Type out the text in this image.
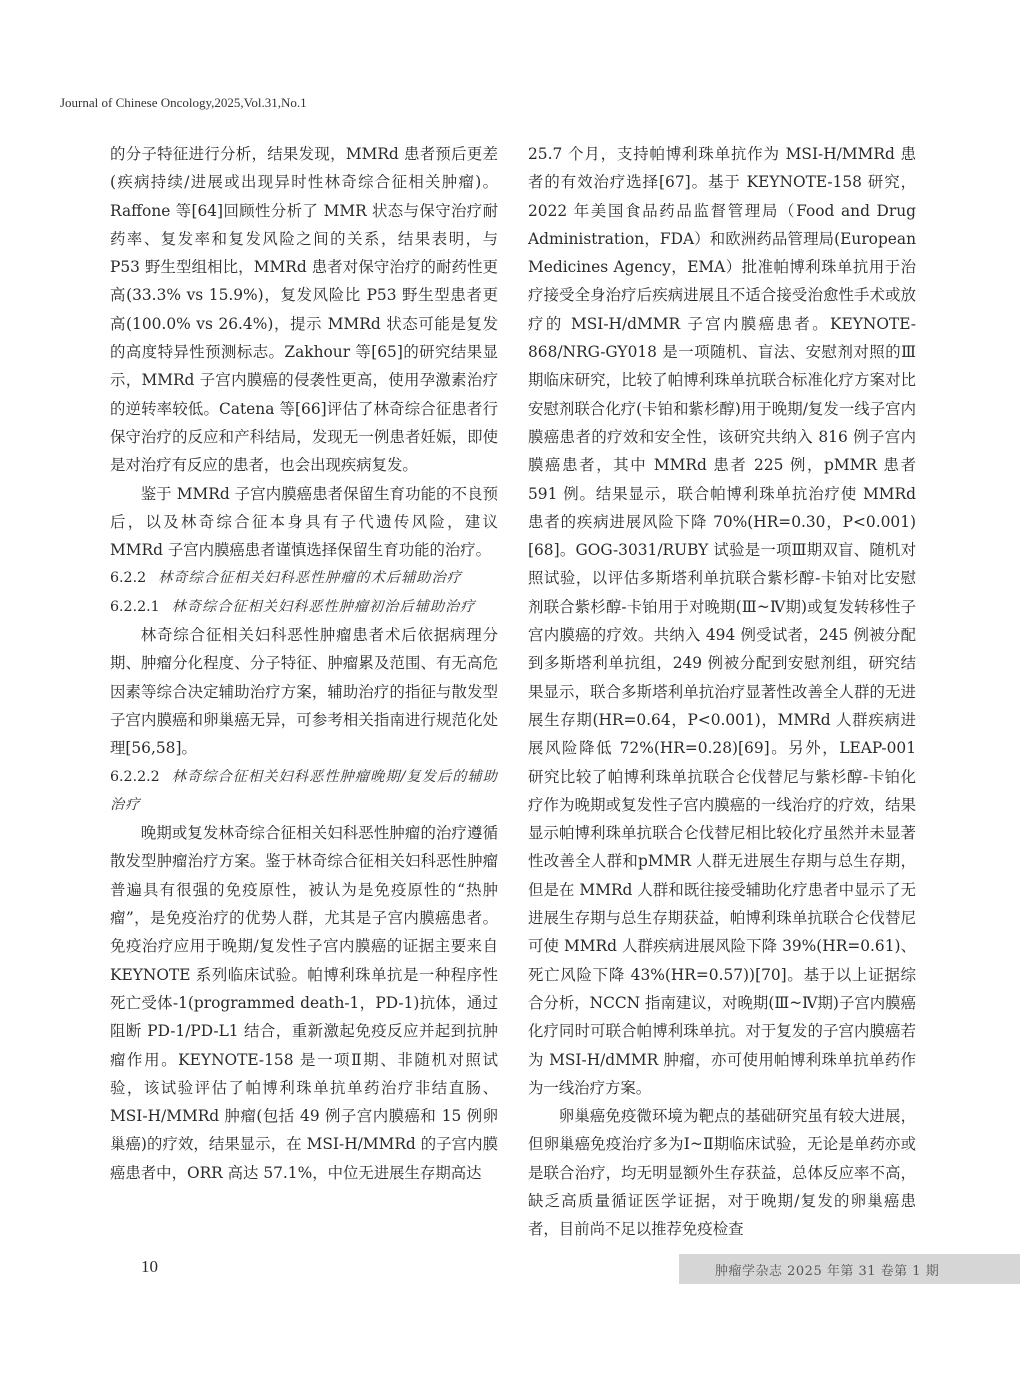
Journal of Chinese Oncology,2025,Vol.31,No.1

的分子特征进行分析，结果发现，MMRd 患者预后更差(疾病持续/进展或出现异时性林奇综合征相关肿瘤)。Raffone 等[64]回顾性分析了 MMR 状态与保守治疗耐药率、复发率和复发风险之间的关系，结果表明，与 P53 野生型组相比，MMRd 患者对保守治疗的耐药性更高(33.3% vs 15.9%)，复发风险比 P53 野生型患者更高(100.0% vs 26.4%)，提示 MMRd 状态可能是复发的高度特异性预测标志。Zakhour 等[65]的研究结果显示，MMRd 子宫内膜癌的侵袭性更高，使用孕激素治疗的逆转率较低。Catena 等[66]评估了林奇综合征患者行保守治疗的反应和产科结局，发现无一例患者妊娠，即使是对治疗有反应的患者，也会出现疾病复发。

鉴于 MMRd 子宫内膜癌患者保留生育功能的不良预后，以及林奇综合征本身具有子代遗传风险，建议 MMRd 子宫内膜癌患者谨慎选择保留生育功能的治疗。

6.2.2 林奇综合征相关妇科恶性肿瘤的术后辅助治疗

6.2.2.1 林奇综合征相关妇科恶性肿瘤初治后辅助治疗

林奇综合征相关妇科恶性肿瘤患者术后依据病理分期、肿瘤分化程度、分子特征、肿瘤累及范围、有无高危因素等综合决定辅助治疗方案，辅助治疗的指征与散发型子宫内膜癌和卵巢癌无异，可参考相关指南进行规范化处理[56,58]。

6.2.2.2 林奇综合征相关妇科恶性肿瘤晚期/复发后的辅助治疗

晚期或复发林奇综合征相关妇科恶性肿瘤的治疗遵循散发型肿瘤治疗方案。鉴于林奇综合征相关妇科恶性肿瘤普遍具有很强的免疫原性，被认为是免疫原性的“热肿瘤”，是免疫治疗的优势人群，尤其是子宫内膜癌患者。免疫治疗应用于晚期/复发性子宫内膜癌的证据主要来自 KEYNOTE 系列临床试验。帕博利珠单抗是一种程序性死亡受体-1(programmed death-1，PD-1)抗体，通过阻断 PD-1/PD-L1 结合，重新激起免疫反应并起到抗肿瘤作用。KEYNOTE-158 是一项Ⅱ期、非随机对照试验，该试验评估了帕博利珠单抗单药治疗非结直肠、MSI-H/MMRd 肿瘤(包括 49 例子宫内膜癌和 15 例卵巢癌)的疗效，结果显示，在 MSI-H/MMRd 的子宫内膜癌患者中，ORR 高达 57.1%，中位无进展生存期高达

25.7 个月，支持帕博利珠单抗作为 MSI-H/MMRd 患者的有效治疗选择[67]。基于 KEYNOTE-158 研究，2022 年美国食品药品监督管理局（Food and Drug Administration，FDA）和欧洲药品管理局(European Medicines Agency，EMA）批准帕博利珠单抗用于治疗接受全身治疗后疾病进展且不适合接受治愈性手术或放疗的 MSI-H/dMMR 子宫内膜癌患者。KEYNOTE-868/NRG-GY018 是一项随机、盲法、安慰剂对照的Ⅲ期临床研究，比较了帕博利珠单抗联合标准化疗方案对比安慰剂联合化疗(卡铂和紫杉醇)用于晚期/复发一线子宫内膜癌患者的疗效和安全性，该研究共纳入 816 例子宫内膜癌患者，其中 MMRd 患者 225 例，pMMR 患者 591 例。结果显示，联合帕博利珠单抗治疗使 MMRd 患者的疾病进展风险下降 70%(HR=0.30，P<0.001)[68]。GOG-3031/RUBY 试验是一项Ⅲ期双盲、随机对照试验，以评估多斯塔利单抗联合紫杉醇-卡铂对比安慰剂联合紫杉醇-卡铂用于对晚期(Ⅲ~Ⅳ期)或复发转移性子宫内膜癌的疗效。共纳入 494 例受试者，245 例被分配到多斯塔利单抗组，249 例被分配到安慰剂组，研究结果显示，联合多斯塔利单抗治疗显著性改善全人群的无进展生存期(HR=0.64，P<0.001)，MMRd 人群疾病进展风险降低 72%(HR=0.28)[69]。另外，LEAP-001 研究比较了帕博利珠单抗联合仑伐替尼与紫杉醇-卡铂化疗作为晚期或复发性子宫内膜癌的一线治疗的疗效，结果显示帕博利珠单抗联合仑伐替尼相比较化疗虽然并未显著性改善全人群和pMMR 人群无进展生存期与总生存期，但是在 MMRd 人群和既往接受辅助化疗患者中显示了无进展生存期与总生存期获益，帕博利珠单抗联合仑伐替尼可使 MMRd 人群疾病进展风险下降 39%(HR=0.61)、死亡风险下降 43%(HR=0.57))[70]。基于以上证据综合分析，NCCN 指南建议，对晚期(Ⅲ~Ⅳ期)子宫内膜癌化疗同时可联合帕博利珠单抗。对于复发的子宫内膜癌若为 MSI-H/dMMR 肿瘤，亦可使用帕博利珠单抗单药作为一线治疗方案。

卵巢癌免疫微环境为靶点的基础研究虽有较大进展，但卵巢癌免疫治疗多为Ⅰ~Ⅱ期临床试验，无论是单药亦或是联合治疗，均无明显额外生存获益，总体反应率不高，缺乏高质量循证医学证据，对于晚期/复发的卵巢癌患者，目前尚不足以推荐免疫检查

10	肿瘤学杂志 2025 年第 31 卷第 1 期
